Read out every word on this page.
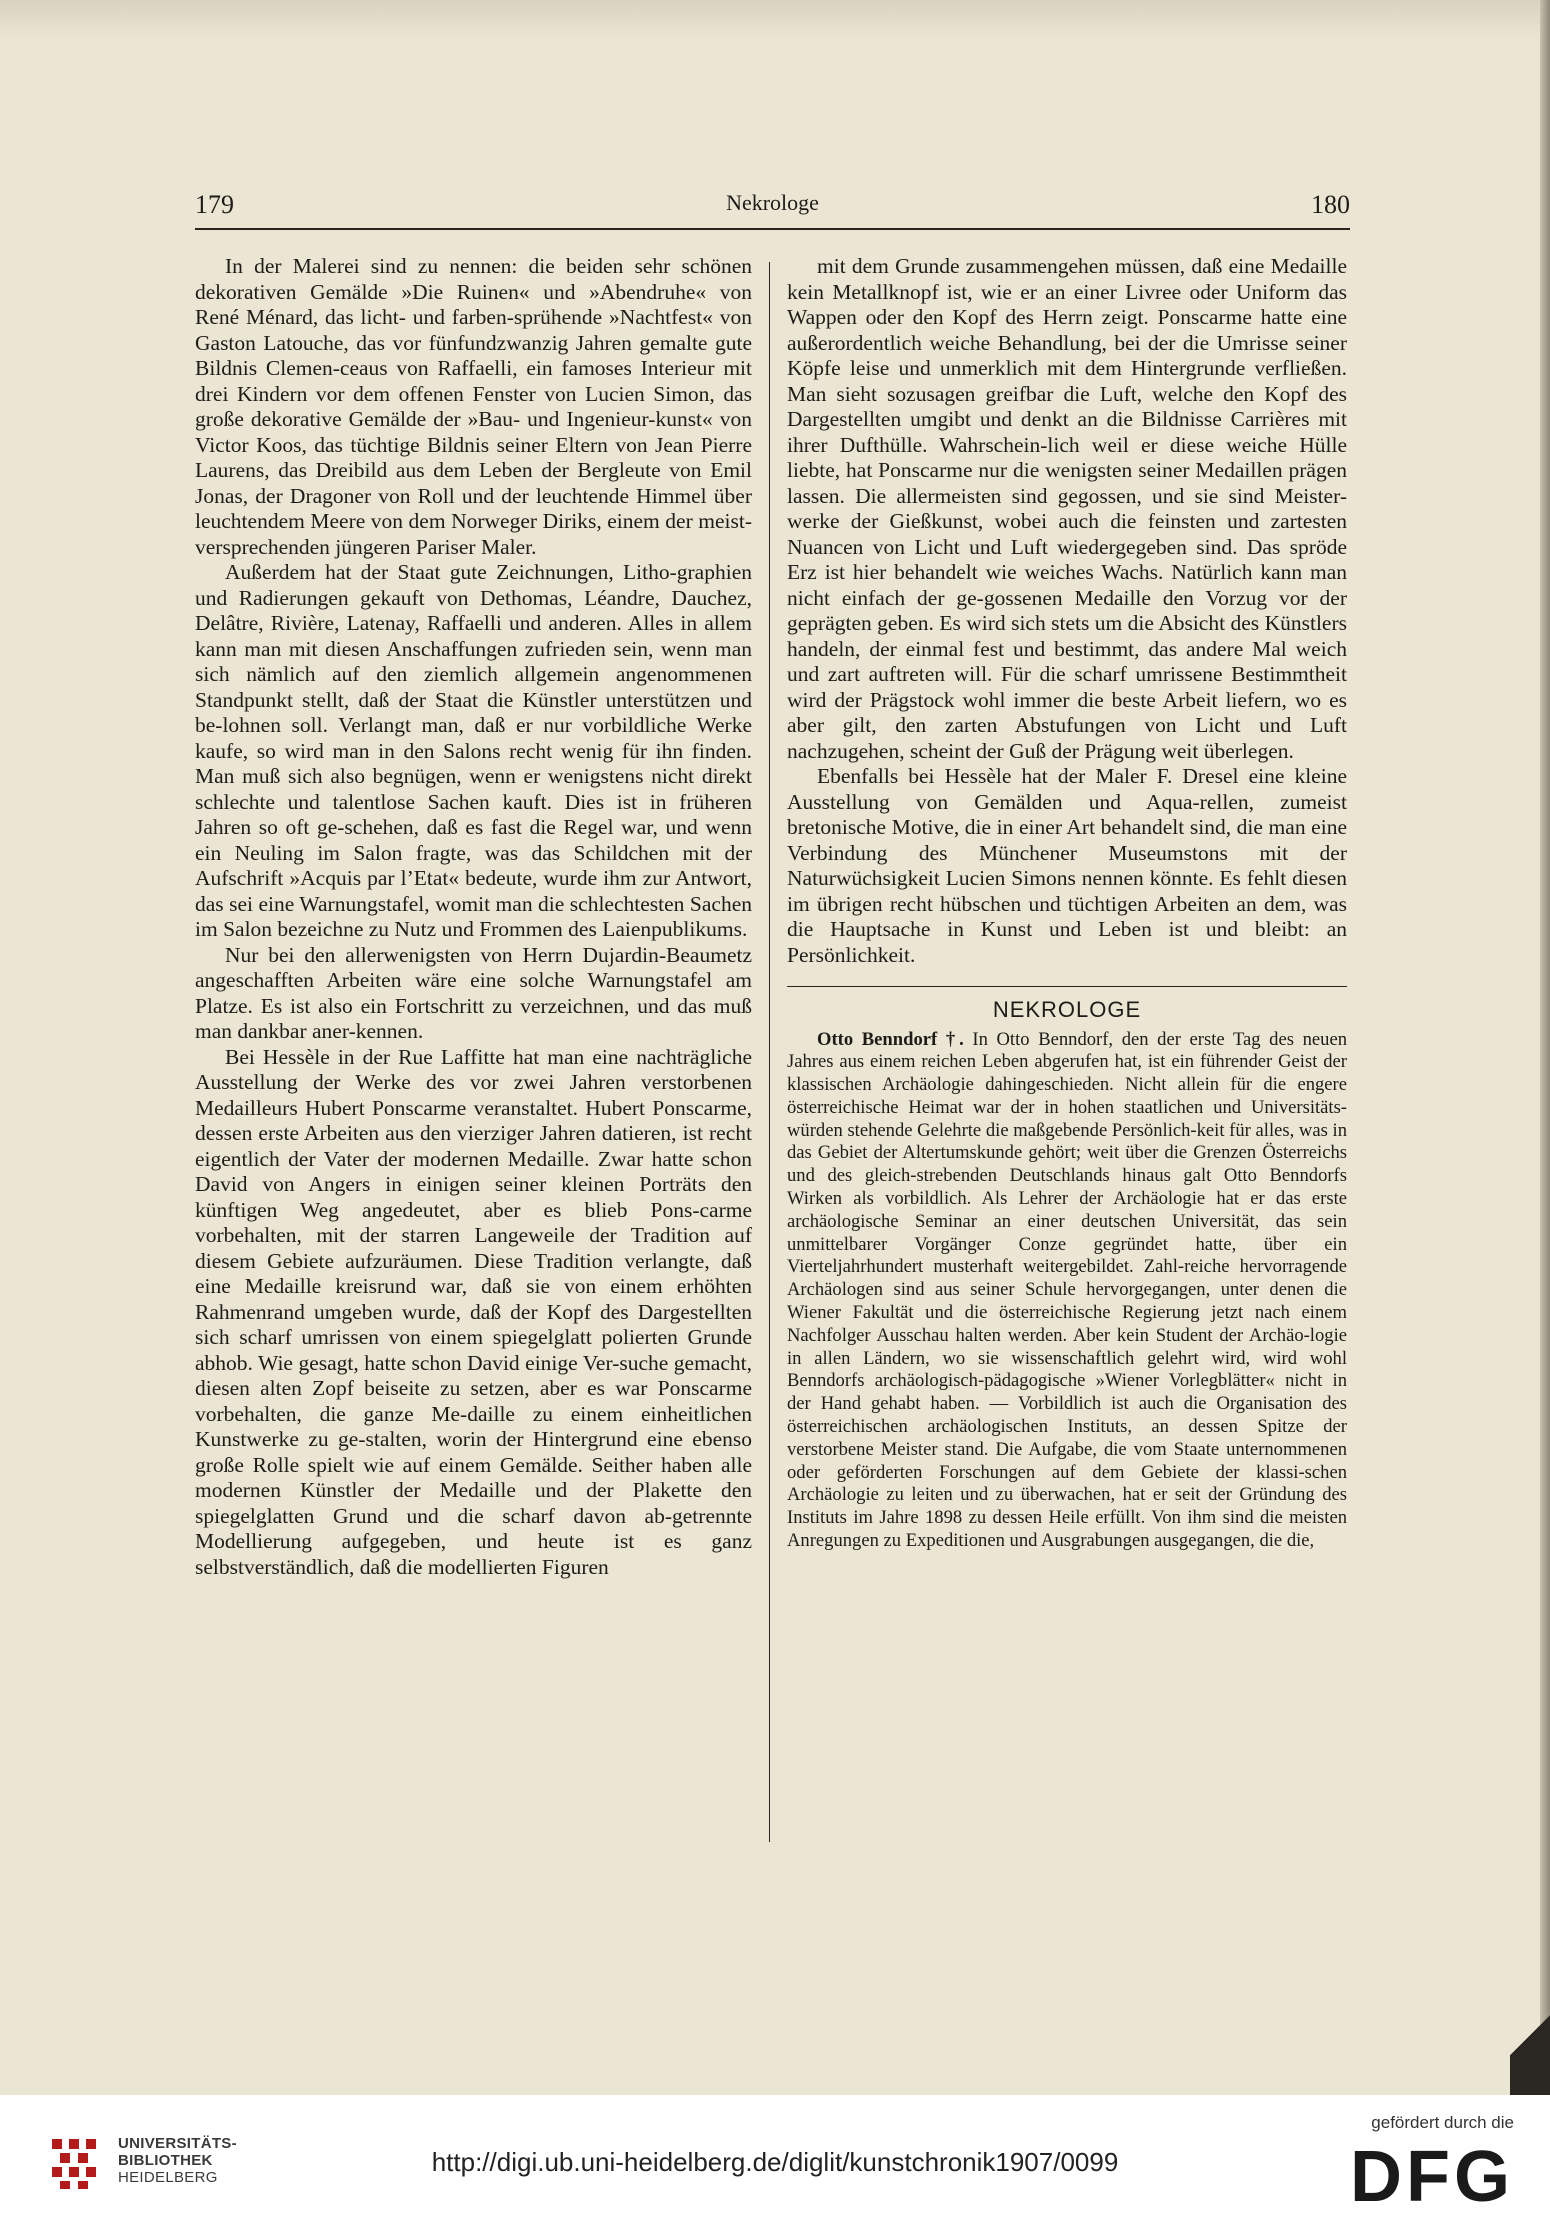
179	Nekrologe	180

In der Malerei sind zu nennen: die beiden sehr schönen dekorativen Gemälde »Die Ruinen« und »Abendruhe« von René Ménard, das licht- und farben-sprühende »Nachtfest« von Gaston Latouche, das vor fünfundzwanzig Jahren gemalte gute Bildnis Clemen-ceaus von Raffaelli, ein famoses Interieur mit drei Kindern vor dem offenen Fenster von Lucien Simon, das große dekorative Gemälde der »Bau- und Ingenieur-kunst« von Victor Koos, das tüchtige Bildnis seiner Eltern von Jean Pierre Laurens, das Dreibild aus dem Leben der Bergleute von Emil Jonas, der Dragoner von Roll und der leuchtende Himmel über leuchtendem Meere von dem Norweger Diriks, einem der meist-versprechenden jüngeren Pariser Maler.

Außerdem hat der Staat gute Zeichnungen, Litho-graphien und Radierungen gekauft von Dethomas, Léandre, Dauchez, Delâtre, Rivière, Latenay, Raffaelli und anderen. Alles in allem kann man mit diesen Anschaffungen zufrieden sein, wenn man sich nämlich auf den ziemlich allgemein angenommenen Standpunkt stellt, daß der Staat die Künstler unterstützen und be-lohnen soll. Verlangt man, daß er nur vorbildliche Werke kaufe, so wird man in den Salons recht wenig für ihn finden. Man muß sich also begnügen, wenn er wenigstens nicht direkt schlechte und talentlose Sachen kauft. Dies ist in früheren Jahren so oft ge-schehen, daß es fast die Regel war, und wenn ein Neuling im Salon fragte, was das Schildchen mit der Aufschrift »Acquis par l’Etat« bedeute, wurde ihm zur Antwort, das sei eine Warnungstafel, womit man die schlechtesten Sachen im Salon bezeichne zu Nutz und Frommen des Laienpublikums.

Nur bei den allerwenigsten von Herrn Dujardin-Beaumetz angeschafften Arbeiten wäre eine solche Warnungstafel am Platze. Es ist also ein Fortschritt zu verzeichnen, und das muß man dankbar aner-kennen.

Bei Hessèle in der Rue Laffitte hat man eine nachträgliche Ausstellung der Werke des vor zwei Jahren verstorbenen Medailleurs Hubert Ponscarme veranstaltet. Hubert Ponscarme, dessen erste Arbeiten aus den vierziger Jahren datieren, ist recht eigentlich der Vater der modernen Medaille. Zwar hatte schon David von Angers in einigen seiner kleinen Porträts den künftigen Weg angedeutet, aber es blieb Pons-carme vorbehalten, mit der starren Langeweile der Tradition auf diesem Gebiete aufzuräumen. Diese Tradition verlangte, daß eine Medaille kreisrund war, daß sie von einem erhöhten Rahmenrand umgeben wurde, daß der Kopf des Dargestellten sich scharf umrissen von einem spiegelglatt polierten Grunde abhob. Wie gesagt, hatte schon David einige Ver-suche gemacht, diesen alten Zopf beiseite zu setzen, aber es war Ponscarme vorbehalten, die ganze Me-daille zu einem einheitlichen Kunstwerke zu ge-stalten, worin der Hintergrund eine ebenso große Rolle spielt wie auf einem Gemälde. Seither haben alle modernen Künstler der Medaille und der Plakette den spiegelglatten Grund und die scharf davon ab-getrennte Modellierung aufgegeben, und heute ist es ganz selbstverständlich, daß die modellierten Figuren

mit dem Grunde zusammengehen müssen, daß eine Medaille kein Metallknopf ist, wie er an einer Livree oder Uniform das Wappen oder den Kopf des Herrn zeigt. Ponscarme hatte eine außerordentlich weiche Behandlung, bei der die Umrisse seiner Köpfe leise und unmerklich mit dem Hintergrunde verfließen. Man sieht sozusagen greifbar die Luft, welche den Kopf des Dargestellten umgibt und denkt an die Bildnisse Carrières mit ihrer Dufthülle. Wahrschein-lich weil er diese weiche Hülle liebte, hat Ponscarme nur die wenigsten seiner Medaillen prägen lassen. Die allermeisten sind gegossen, und sie sind Meister-werke der Gießkunst, wobei auch die feinsten und zartesten Nuancen von Licht und Luft wiedergegeben sind. Das spröde Erz ist hier behandelt wie weiches Wachs. Natürlich kann man nicht einfach der ge-gossenen Medaille den Vorzug vor der geprägten geben. Es wird sich stets um die Absicht des Künstlers handeln, der einmal fest und bestimmt, das andere Mal weich und zart auftreten will. Für die scharf umrissene Bestimmtheit wird der Prägstock wohl immer die beste Arbeit liefern, wo es aber gilt, den zarten Abstufungen von Licht und Luft nachzugehen, scheint der Guß der Prägung weit überlegen.

Ebenfalls bei Hessèle hat der Maler F. Dresel eine kleine Ausstellung von Gemälden und Aqua-rellen, zumeist bretonische Motive, die in einer Art behandelt sind, die man eine Verbindung des Münchener Museumstons mit der Naturwüchsigkeit Lucien Simons nennen könnte. Es fehlt diesen im übrigen recht hübschen und tüchtigen Arbeiten an dem, was die Hauptsache in Kunst und Leben ist und bleibt: an Persönlichkeit.

NEKROLOGE

Otto Benndorf †. In Otto Benndorf, den der erste Tag des neuen Jahres aus einem reichen Leben abgerufen hat, ist ein führender Geist der klassischen Archäologie dahingeschieden. Nicht allein für die engere österreichische Heimat war der in hohen staatlichen und Universitäts-würden stehende Gelehrte die maßgebende Persönlich-keit für alles, was in das Gebiet der Altertumskunde gehört; weit über die Grenzen Österreichs und des gleich-strebenden Deutschlands hinaus galt Otto Benndorfs Wirken als vorbildlich. Als Lehrer der Archäologie hat er das erste archäologische Seminar an einer deutschen Universität, das sein unmittelbarer Vorgänger Conze gegründet hatte, über ein Vierteljahrhundert musterhaft weitergebildet. Zahl-reiche hervorragende Archäologen sind aus seiner Schule hervorgegangen, unter denen die Wiener Fakultät und die österreichische Regierung jetzt nach einem Nachfolger Ausschau halten werden. Aber kein Student der Archäo-logie in allen Ländern, wo sie wissenschaftlich gelehrt wird, wird wohl Benndorfs archäologisch-pädagogische »Wiener Vorlegblätter« nicht in der Hand gehabt haben. — Vorbildlich ist auch die Organisation des österreichischen archäologischen Instituts, an dessen Spitze der verstorbene Meister stand. Die Aufgabe, die vom Staate unternommenen oder geförderten Forschungen auf dem Gebiete der klassi-schen Archäologie zu leiten und zu überwachen, hat er seit der Gründung des Instituts im Jahre 1898 zu dessen Heile erfüllt. Von ihm sind die meisten Anregungen zu Expeditionen und Ausgrabungen ausgegangen, die die,

UNIVERSITÄTS-
BIBLIOTHEK
HEIDELBERG
http://digi.ub.uni-heidelberg.de/diglit/kunstchronik1907/0099
gefördert durch die
DFG
